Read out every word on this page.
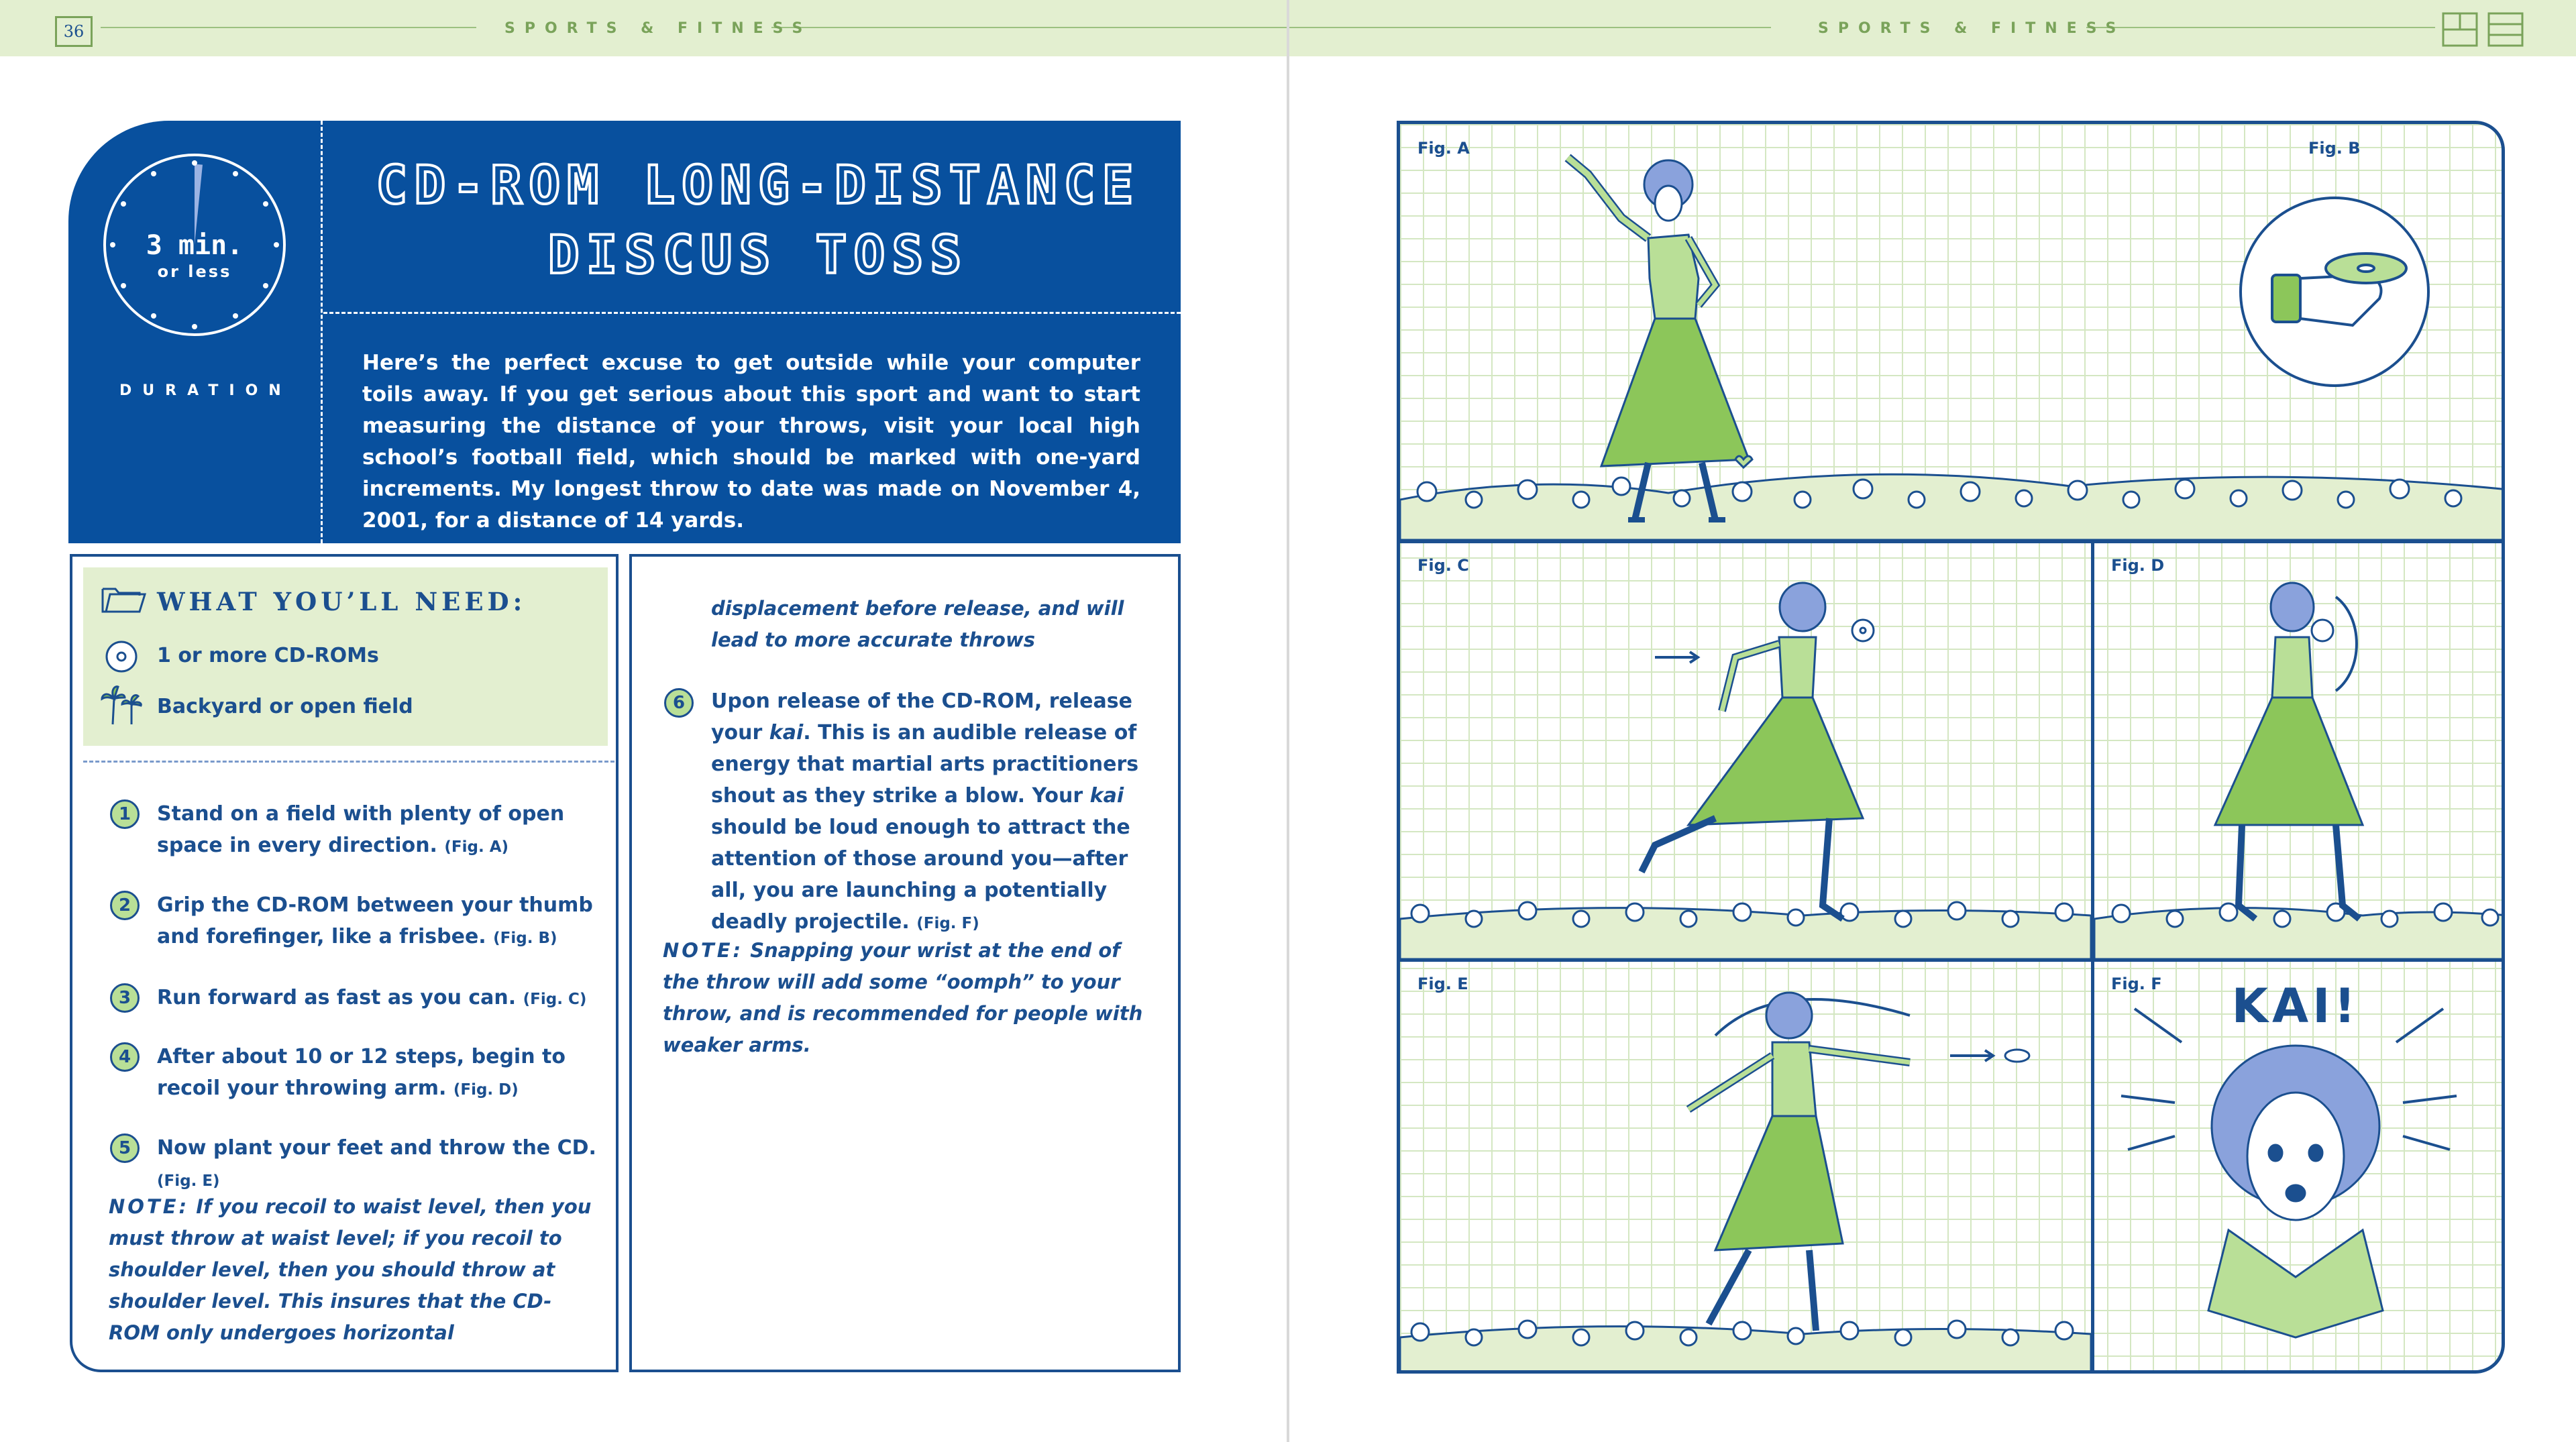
36	SPORTS & FITNESS	SPORTS & FITNESS
3 min.
or less
DURATION
CD-ROM LONG-DISTANCE
DISCUS TOSS
Here’s the perfect excuse to get outside while your computer toils away. If you get serious about this sport and want to start measuring the distance of your throws, visit your local high school’s football field, which should be marked with one-yard increments. My longest throw to date was made on November 4, 2001, for a distance of 14 yards.
WHAT YOU’LL NEED:
1 or more CD-ROMs
Backyard or open field
1	Stand on a field with plenty of open space in every direction. (Fig. A)
2	Grip the CD-ROM between your thumb and forefinger, like a frisbee. (Fig. B)
3	Run forward as fast as you can. (Fig. C)
4	After about 10 or 12 steps, begin to recoil your throwing arm. (Fig. D)
5	Now plant your feet and throw the CD. (Fig. E)
NOTE: If you recoil to waist level, then you must throw at waist level; if you recoil to shoulder level, then you should throw at shoulder level. This insures that the CD-ROM only undergoes horizontal
displacement before release, and will lead to more accurate throws
6	Upon release of the CD-ROM, release your kai. This is an audible release of energy that martial arts practitioners shout as they strike a blow. Your kai should be loud enough to attract the attention of those around you—after all, you are launching a potentially deadly projectile. (Fig. F)
NOTE: Snapping your wrist at the end of the throw will add some “oomph” to your throw, and is recommended for people with weaker arms.
Fig. A	Fig. B
Fig. C	Fig. D
Fig. E	Fig. F KAI!
